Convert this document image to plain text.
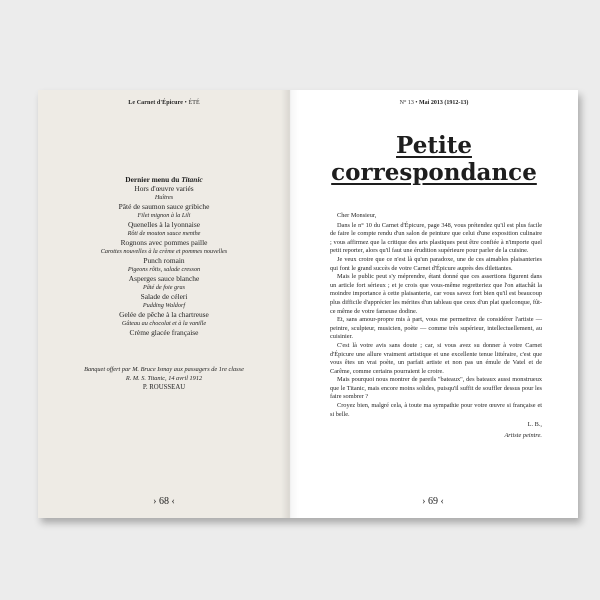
Le Carnet d'Épicure • ÉTÉ
Dernier menu du Titanic
Hors d'œuvre variés
Huîtres
Pâté de saumon sauce gribiche
Filet mignon à la Lili
Quenelles à la lyonnaise
Rôti de mouton sauce menthe
Rognons avec pommes paille
Carottes nouvelles à la crème et pommes nouvelles
Punch romain
Pigeons rôtis, salade cresson
Asperges sauce blanche
Pâté de foie gras
Salade de céleri
Pudding Waldorf
Gelée de pêche à la chartreuse
Gâteau au chocolat et à la vanille
Crème glacée française
Banquet offert par M. Bruce Ismay aux passagers de 1re classe
R. M. S. Titanic, 14 avril 1912
P. ROUSSEAU
› 68 ‹
N° 13 • Mai 2013 (1912-13)
Petite
correspondance

Cher Monsieur,

Dans le n° 10 du Carnet d'Épicure, page 348, vous prétendez qu'il est plus facile de faire le compte rendu d'un salon de peinture que celui d'une exposition culinaire ; vous affirmez que la critique des arts plastiques peut être confiée à n'importe quel petit reporter, alors qu'il faut une érudition supérieure pour parler de la cuisine.

Je veux croire que ce n'est là qu'un paradoxe, une de ces aimables plaisanteries qui font le grand succès de votre Carnet d'Épicure auprès des dilettantes.

Mais le public peut s'y méprendre, étant donné que ces assertions figurent dans un article fort sérieux ; et je crois que vous-même regretteriez que l'on attachât la moindre importance à cette plaisanterie, car vous savez fort bien qu'il est beaucoup plus difficile d'apprécier les mérites d'un tableau que ceux d'un plat quelconque, fût-ce même de votre fameuse dodine.

Et, sans amour-propre mis à part, vous me permettrez de considérer l'artiste — peintre, sculpteur, musicien, poète — comme très supérieur, intellectuellement, au cuisinier.

C'est là votre avis sans doute ; car, si vous avez su donner à votre Carnet d'Épicure une allure vraiment artistique et une excellente tenue littéraire, c'est que vous êtes un vrai poète, un parfait artiste et non pas un émule de Vatel et de Carême, comme certains pourraient le croire.

Mais pourquoi nous montrer de pareils "bateaux", des bateaux aussi monstrueux que le Titanic, mais encore moins solides, puisqu'il suffit de souffler dessus pour les faire sombrer ?

Croyez bien, malgré cela, à toute ma sympathie pour votre œuvre si française et si belle.

L. B.,

Artiste peintre.

› 69 ‹
